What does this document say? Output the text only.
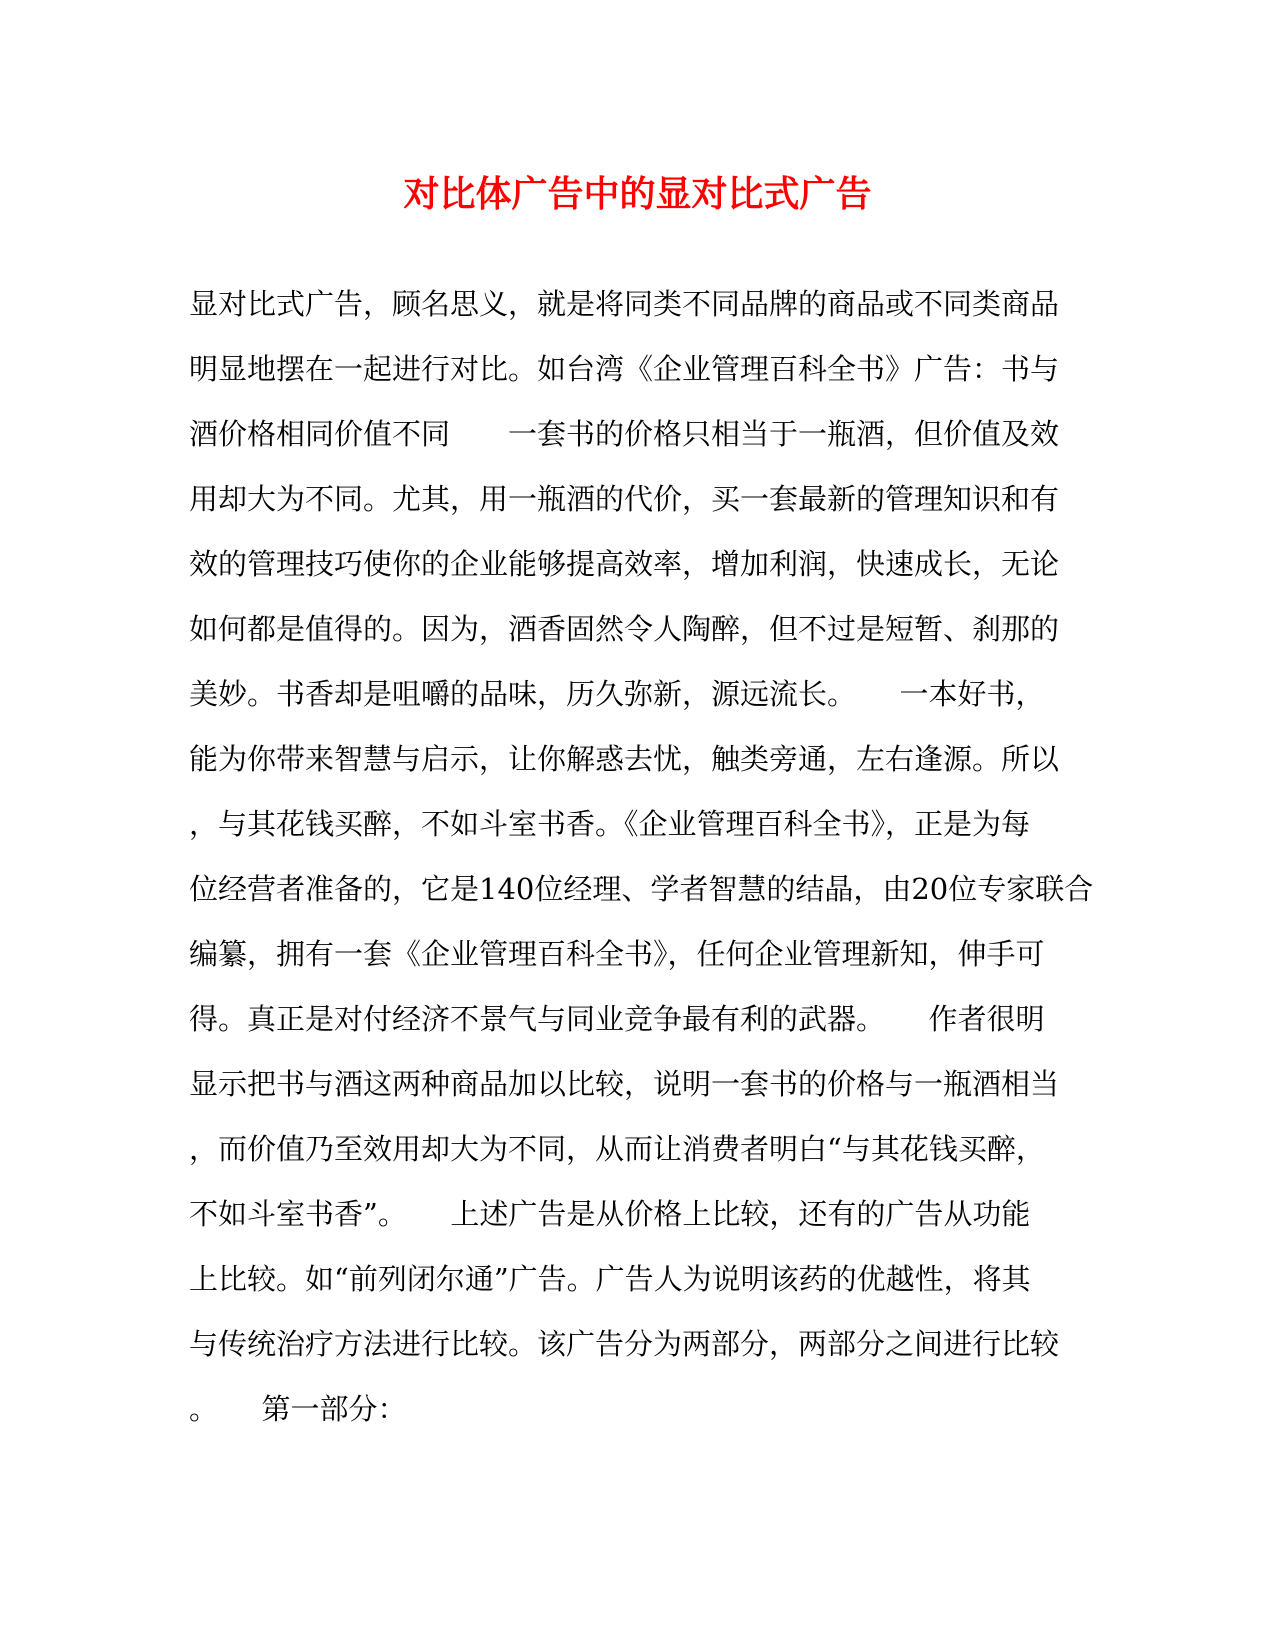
对比体广告中的显对比式广告
显对比式广告，顾名思义，就是将同类不同品牌的商品或不同类商品
明显地摆在一起进行对比。如台湾《企业管理百科全书》广告：书与
酒价格相同价值不同　　一套书的价格只相当于一瓶酒，但价值及效
用却大为不同。尤其，用一瓶酒的代价，买一套最新的管理知识和有
效的管理技巧使你的企业能够提高效率，增加利润，快速成长，无论
如何都是值得的。因为，酒香固然令人陶醉，但不过是短暂、刹那的
美妙。书香却是咀嚼的品味，历久弥新，源远流长。　　一本好书，
能为你带来智慧与启示，让你解惑去忧，触类旁通，左右逢源。所以
，与其花钱买醉，不如斗室书香。《企业管理百科全书》，正是为每
位经营者准备的，它是140位经理、学者智慧的结晶，由20位专家联合
编纂，拥有一套《企业管理百科全书》，任何企业管理新知，伸手可
得。真正是对付经济不景气与同业竞争最有利的武器。　　作者很明
显示把书与酒这两种商品加以比较，说明一套书的价格与一瓶酒相当
，而价值乃至效用却大为不同，从而让消费者明白“与其花钱买醉，
不如斗室书香”。　　上述广告是从价格上比较，还有的广告从功能
上比较。如“前列闭尔通”广告。广告人为说明该药的优越性，将其
与传统治疗方法进行比较。该广告分为两部分，两部分之间进行比较
。　　第一部分：
